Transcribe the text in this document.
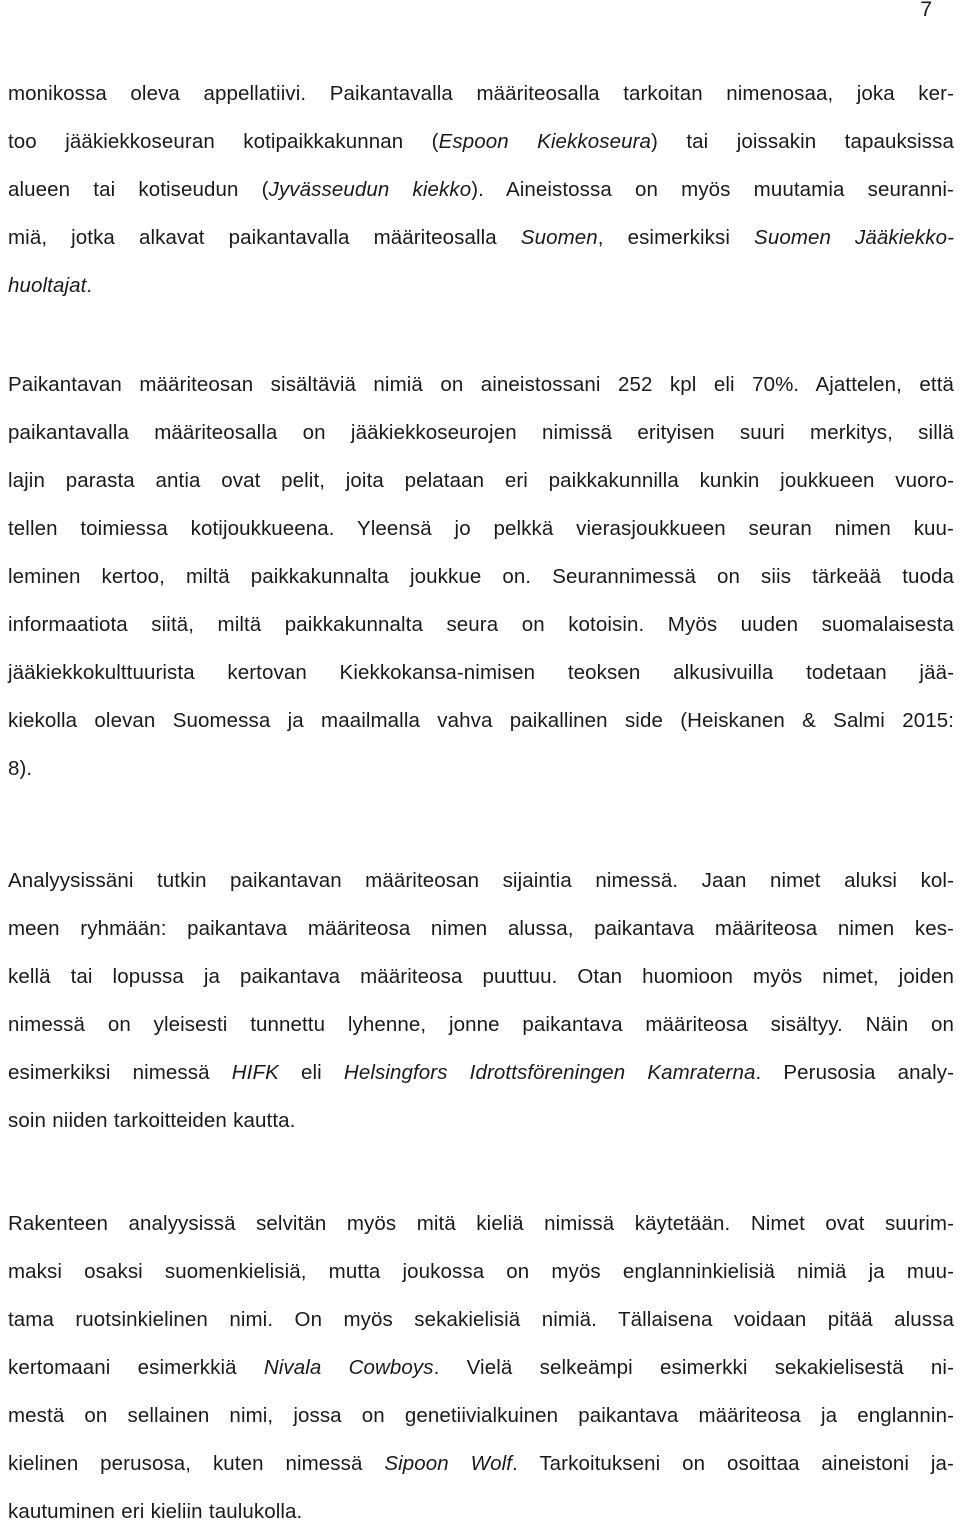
7
monikossa oleva appellatiivi. Paikantavalla määriteosalla tarkoitan nimenosaa, joka ker-
too jääkiekkoseuran kotipaikkakunnan (Espoon Kiekkoseura) tai joissakin tapauksissa
alueen tai kotiseudun (Jyvässeudun kiekko). Aineistossa on myös muutamia seuranni-
miä, jotka alkavat paikantavalla määriteosalla Suomen, esimerkiksi Suomen Jääkiekko-
huoltajat.
Paikantavan määriteosan sisältäviä nimiä on aineistossani 252 kpl eli 70%. Ajattelen, että
paikantavalla määriteosalla on jääkiekkoseurojen nimissä erityisen suuri merkitys, sillä
lajin parasta antia ovat pelit, joita pelataan eri paikkakunnilla kunkin joukkueen vuoro-
tellen toimiessa kotijoukkueena. Yleensä jo pelkkä vierasjoukkueen seuran nimen kuu-
leminen kertoo, miltä paikkakunnalta joukkue on. Seurannimessä on siis tärkeää tuoda
informaatiota siitä, miltä paikkakunnalta seura on kotoisin. Myös uuden suomalaisesta
jääkiekkokulttuurista kertovan Kiekkokansa-nimisen teoksen alkusivuilla todetaan jää-
kiekolla olevan Suomessa ja maailmalla vahva paikallinen side (Heiskanen & Salmi 2015:
8).
Analyysissäni tutkin paikantavan määriteosan sijaintia nimessä. Jaan nimet aluksi kol-
meen ryhmään: paikantava määriteosa nimen alussa, paikantava määriteosa nimen kes-
kellä tai lopussa ja paikantava määriteosa puuttuu. Otan huomioon myös nimet, joiden
nimessä on yleisesti tunnettu lyhenne, jonne paikantava määriteosa sisältyy. Näin on
esimerkiksi nimessä HIFK eli Helsingfors Idrottsföreningen Kamraterna. Perusosia analy-
soin niiden tarkoitteiden kautta.
Rakenteen analyysissä selvitän myös mitä kieliä nimissä käytetään. Nimet ovat suurim-
maksi osaksi suomenkielisiä, mutta joukossa on myös englanninkielisiä nimiä ja muu-
tama ruotsinkielinen nimi. On myös sekakielisiä nimiä. Tällaisena voidaan pitää alussa
kertomaani esimerkkiä Nivala Cowboys. Vielä selkeämpi esimerkki sekakielisestä ni-
mestä on sellainen nimi, jossa on genetiivialkuinen paikantava määriteosa ja englannin-
kielinen perusosa, kuten nimessä Sipoon Wolf. Tarkoitukseni on osoittaa aineistoni ja-
kautuminen eri kieliin taulukolla.
